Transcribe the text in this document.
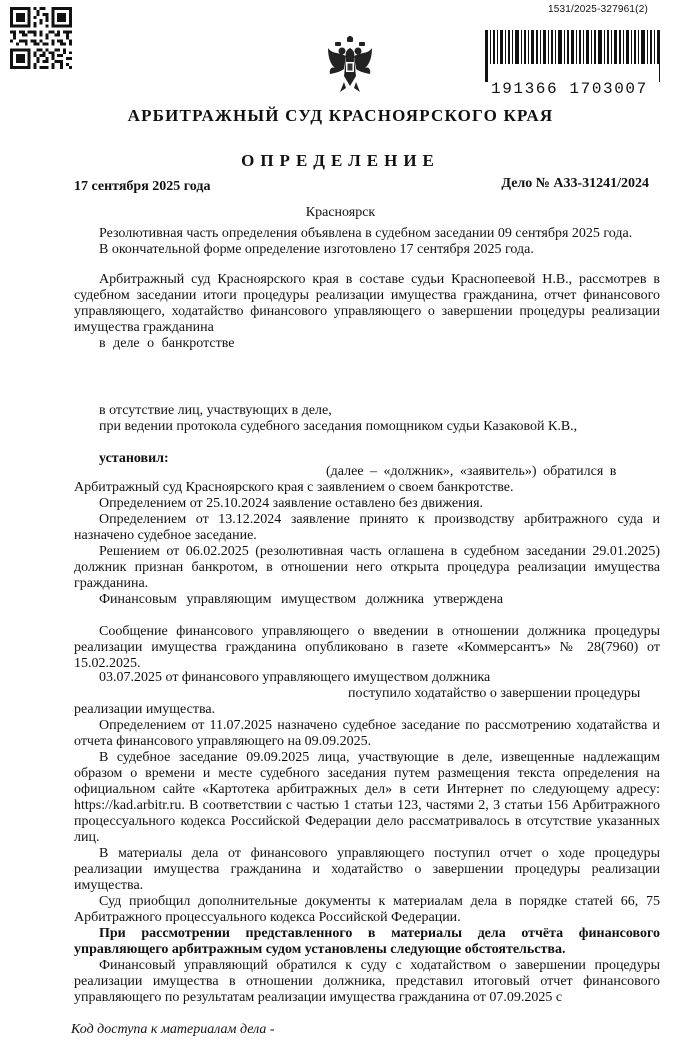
1531/2025-327961(2)
191366 1703007
АРБИТРАЖНЫЙ СУД КРАСНОЯРСКОГО КРАЯ
ОПРЕДЕЛЕНИЕ
17 сентября 2025 года	Дело № А33-31241/2024
Красноярск
Резолютивная часть определения объявлена в судебном заседании 09 сентября 2025 года.
В окончательной форме определение изготовлено 17 сентября 2025 года.
Арбитражный суд Красноярского края в составе судьи Краснопеевой Н.В., рассмотрев в судебном заседании итоги процедуры реализации имущества гражданина, отчет финансового управляющего, ходатайство финансового управляющего о завершении процедуры реализации имущества гражданина
в деле о банкротстве
в отсутствие лиц, участвующих в деле,
при ведении протокола судебного заседания помощником судьи Казаковой К.В.,
установил:
(далее – «должник», «заявитель») обратился в
Арбитражный суд Красноярского края с заявлением о своем банкротстве.
Определением от 25.10.2024 заявление оставлено без движения.
Определением от 13.12.2024 заявление принято к производству арбитражного суда и назначено судебное заседание.
Решением от 06.02.2025 (резолютивная часть оглашена в судебном заседании 29.01.2025) должник признан банкротом, в отношении него открыта процедура реализации имущества гражданина.
Финансовым управляющим имуществом должника утверждена
Сообщение финансового управляющего о введении в отношении должника процедуры реализации имущества гражданина опубликовано в газете «Коммерсантъ» № 28(7960) от 15.02.2025.
03.07.2025 от финансового управляющего имуществом должника
поступило ходатайство о завершении процедуры
реализации имущества.
Определением от 11.07.2025 назначено судебное заседание по рассмотрению ходатайства и отчета финансового управляющего на 09.09.2025.
В судебное заседание 09.09.2025 лица, участвующие в деле, извещенные надлежащим образом о времени и месте судебного заседания путем размещения текста определения на официальном сайте «Картотека арбитражных дел» в сети Интернет по следующему адресу: https://kad.arbitr.ru. В соответствии с частью 1 статьи 123, частями 2, 3 статьи 156 Арбитражного процессуального кодекса Российской Федерации дело рассматривалось в отсутствие указанных лиц.
В материалы дела от финансового управляющего поступил отчет о ходе процедуры реализации имущества гражданина и ходатайство о завершении процедуры реализации имущества.
Суд приобщил дополнительные документы к материалам дела в порядке статей 66, 75 Арбитражного процессуального кодекса Российской Федерации.
При рассмотрении представленного в материалы дела отчёта финансового управляющего арбитражным судом установлены следующие обстоятельства.
Финансовый управляющий обратился к суду с ходатайством о завершении процедуры реализации имущества в отношении должника, представил итоговый отчет финансового управляющего по результатам реализации имущества гражданина от 07.09.2025 с
Код доступа к материалам дела -
